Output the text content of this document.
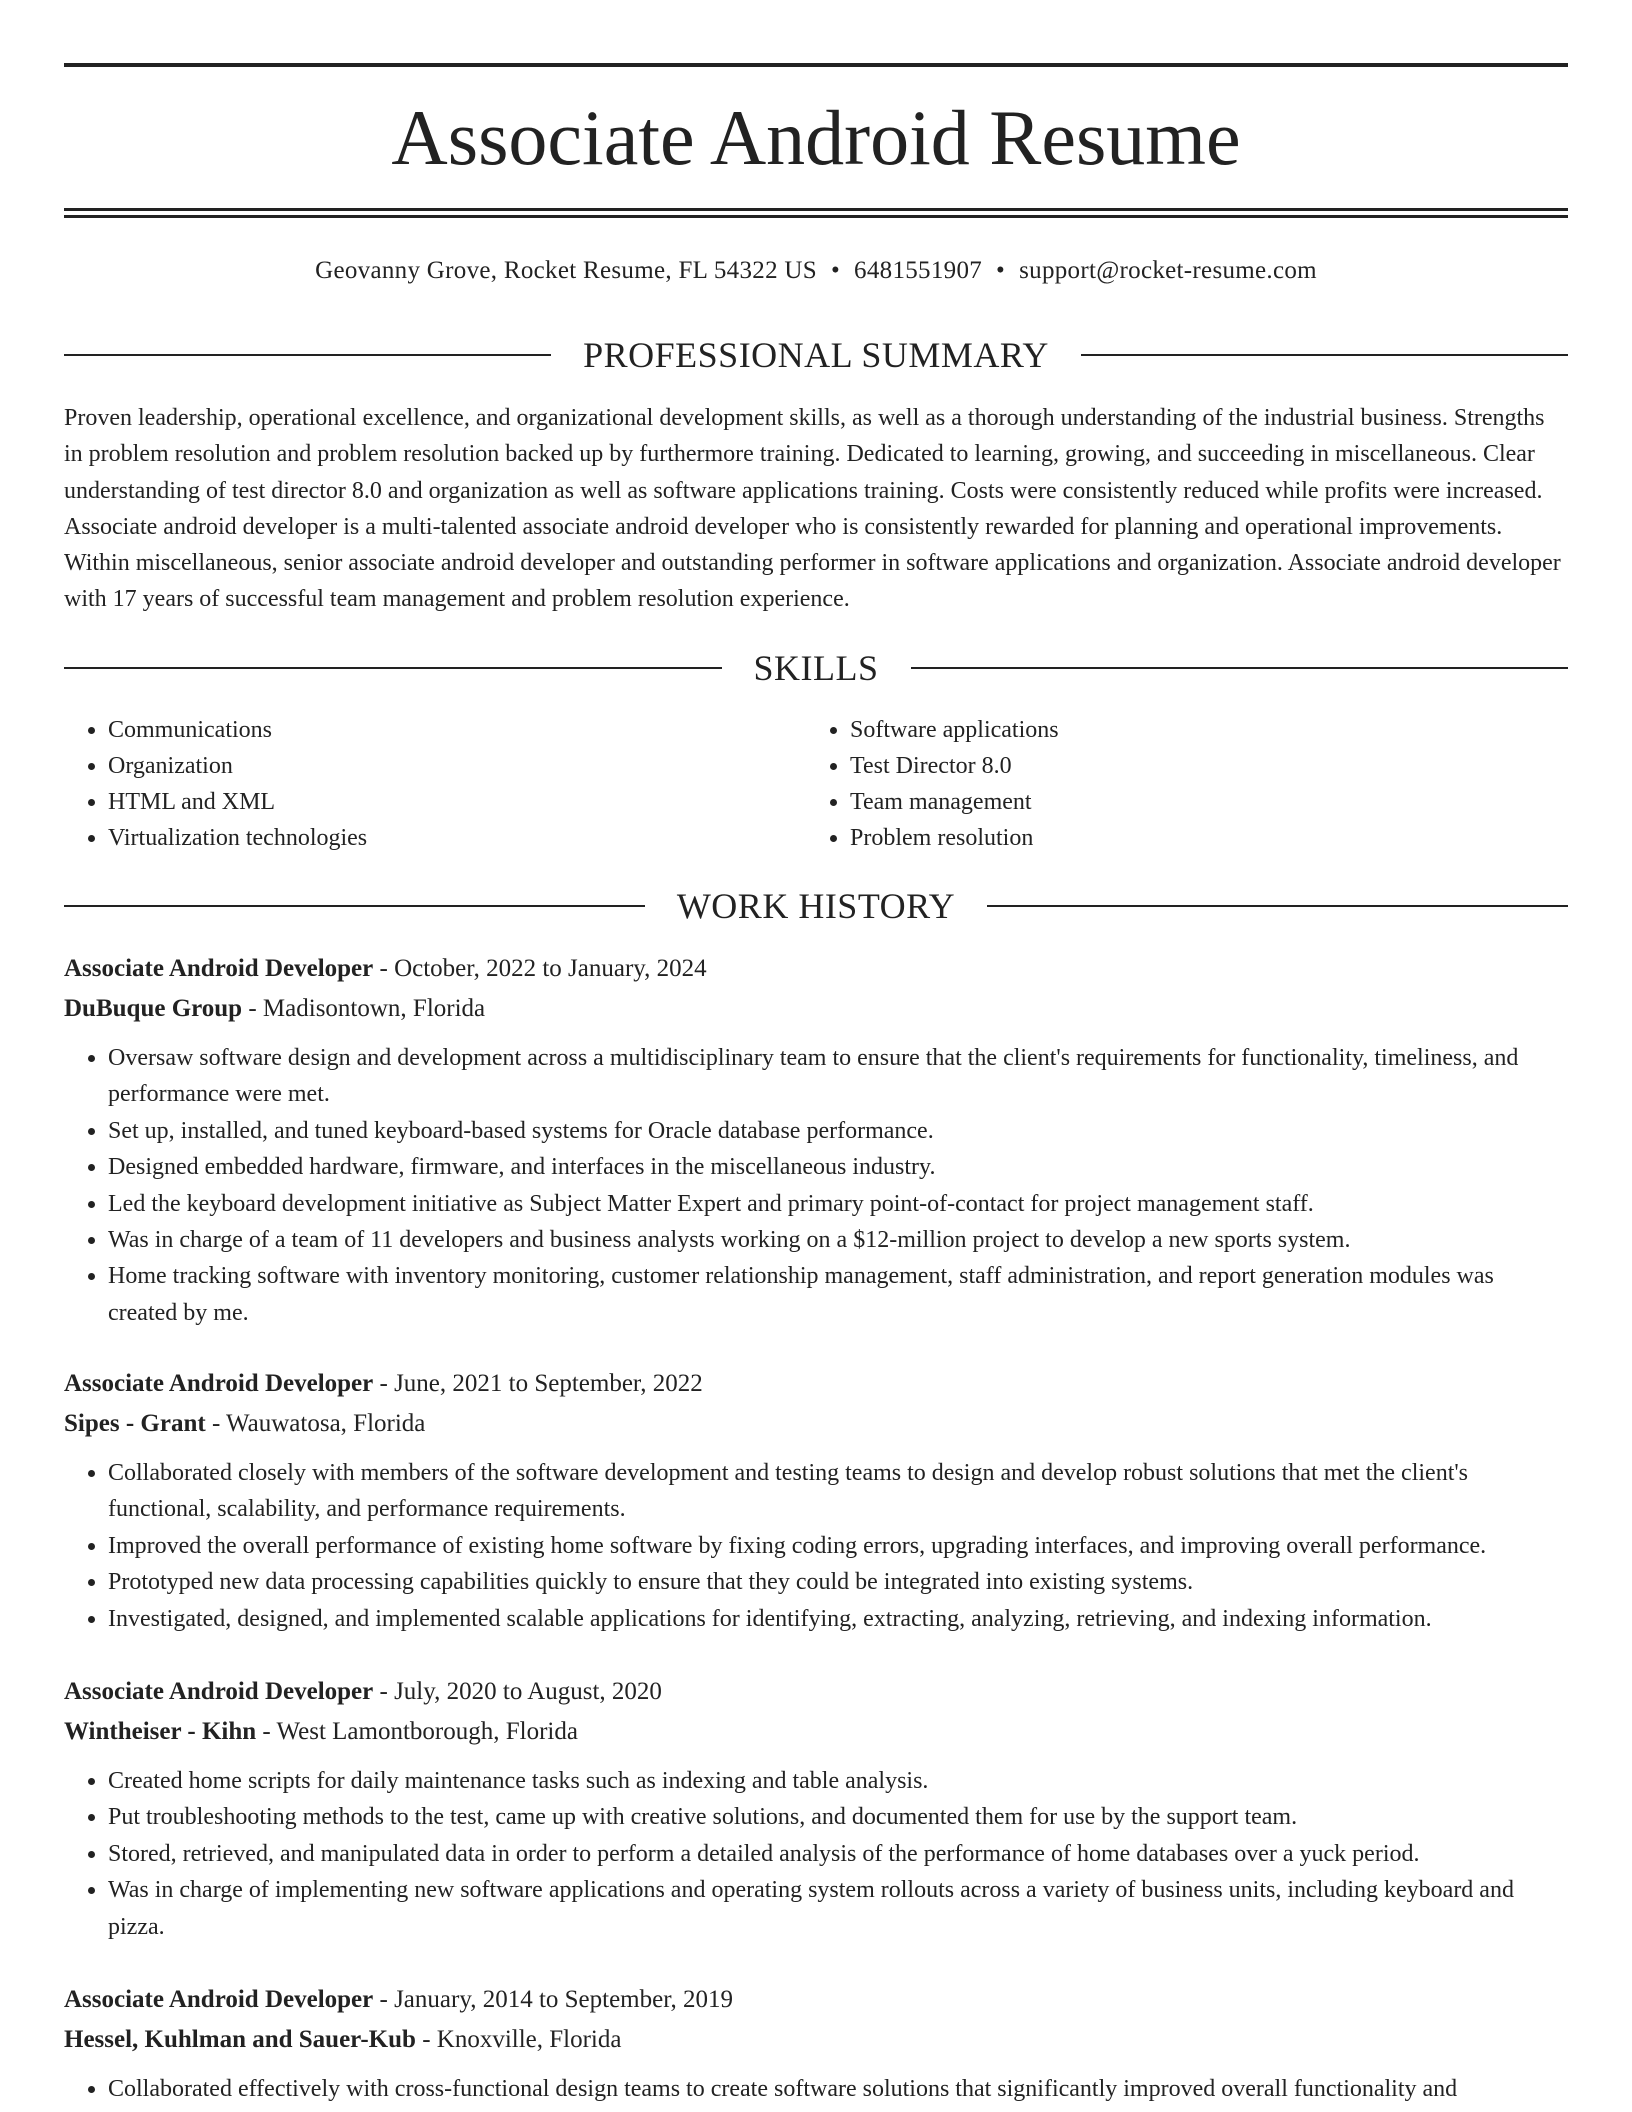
Associate Android Resume
Geovanny Grove, Rocket Resume, FL 54322 US • 6481551907 • support@rocket-resume.com
PROFESSIONAL SUMMARY

Proven leadership, operational excellence, and organizational development skills, as well as a thorough understanding of the industrial business. Strengths in problem resolution and problem resolution backed up by furthermore training. Dedicated to learning, growing, and succeeding in miscellaneous. Clear understanding of test director 8.0 and organization as well as software applications training. Costs were consistently reduced while profits were increased. Associate android developer is a multi-talented associate android developer who is consistently rewarded for planning and operational improvements. Within miscellaneous, senior associate android developer and outstanding performer in software applications and organization. Associate android developer with 17 years of successful team management and problem resolution experience.

SKILLS
• Communications
• Organization
• HTML and XML
• Virtualization technologies
• Software applications
• Test Director 8.0
• Team management
• Problem resolution
WORK HISTORY

Associate Android Developer - October, 2022 to January, 2024

DuBuque Group - Madisontown, Florida

• Oversaw software design and development across a multidisciplinary team to ensure that the client's requirements for functionality, timeliness, and performance were met.
• Set up, installed, and tuned keyboard-based systems for Oracle database performance.
• Designed embedded hardware, firmware, and interfaces in the miscellaneous industry.
• Led the keyboard development initiative as Subject Matter Expert and primary point-of-contact for project management staff.
• Was in charge of a team of 11 developers and business analysts working on a $12-million project to develop a new sports system.
• Home tracking software with inventory monitoring, customer relationship management, staff administration, and report generation modules was created by me.

Associate Android Developer - June, 2021 to September, 2022

Sipes - Grant - Wauwatosa, Florida

• Collaborated closely with members of the software development and testing teams to design and develop robust solutions that met the client's functional, scalability, and performance requirements.
• Improved the overall performance of existing home software by fixing coding errors, upgrading interfaces, and improving overall performance.
• Prototyped new data processing capabilities quickly to ensure that they could be integrated into existing systems.
• Investigated, designed, and implemented scalable applications for identifying, extracting, analyzing, retrieving, and indexing information.

Associate Android Developer - July, 2020 to August, 2020

Wintheiser - Kihn - West Lamontborough, Florida

• Created home scripts for daily maintenance tasks such as indexing and table analysis.
• Put troubleshooting methods to the test, came up with creative solutions, and documented them for use by the support team.
• Stored, retrieved, and manipulated data in order to perform a detailed analysis of the performance of home databases over a yuck period.
• Was in charge of implementing new software applications and operating system rollouts across a variety of business units, including keyboard and pizza.

Associate Android Developer - January, 2014 to September, 2019

Hessel, Kuhlman and Sauer-Kub - Knoxville, Florida

• Collaborated effectively with cross-functional design teams to create software solutions that significantly improved overall functionality and
